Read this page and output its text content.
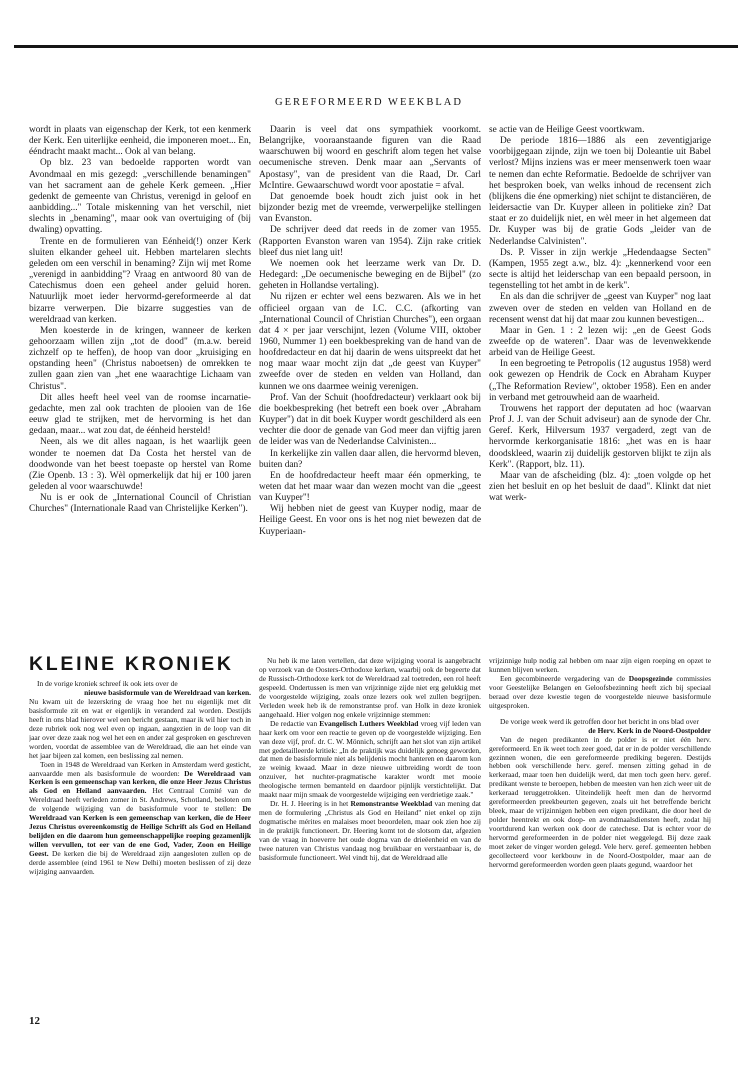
GEREFORMEERD WEEKBLAD

wordt in plaats van eigenschap der Kerk, tot een kenmerk der Kerk. Een uiterlijke eenheid, die imponeren moet... En, ééndracht maakt macht... Ook al van belang.

Op blz. 23 van bedoelde rapporten wordt van Avondmaal en mis gezegd: „verschillende benamingen" van het sacrament aan de gehele Kerk gemeen. „Hier gedenkt de gemeente van Christus, verenigd in geloof en aanbidding..." Totale miskenning van het verschil, niet slechts in „benaming", maar ook van overtuiging of (bij dwaling) opvatting.

Trente en de formulieren van Eénheid(!) onzer Kerk sluiten elkander geheel uit. Hebben martelaren slechts geleden om een verschil in benaming? Zijn wij met Rome „verenigd in aanbidding"? Vraag en antwoord 80 van de Catechismus doen een geheel ander geluid horen. Natuurlijk moet ieder hervormd-gereformeerde al dat bizarre verwerpen. Die bizarre suggesties van de wereldraad van kerken.

Men koesterde in de kringen, wanneer de kerken gehoorzaam willen zijn „tot de dood" (m.a.w. bereid zichzelf op te heffen), de hoop van door „kruisiging en opstanding heen" (Christus naboetsen) de omrekken te zullen gaan zien van „het ene waarachtige Lichaam van Christus".

Dit alles heeft heel veel van de roomse incarnatie-gedachte, men zal ook trachten de plooien van de 16e eeuw glad te strijken, met de hervorming is het dan gedaan, maar... wat zou dat, de éénheid hersteld!

Neen, als we dit alles nagaan, is het waarlijk geen wonder te noemen dat Da Costa het herstel van de doodwonde van het beest toepaste op herstel van Rome (Zie Openb. 13 : 3). Wèl opmerkelijk dat hij er 100 jaren geleden al voor waarschuwde!

Nu is er ook de „International Council of Christian Churches" (Internationale Raad van Christelijke Kerken").

Daarin is veel dat ons sympathiek voorkomt. Belangrijke, vooraanstaande figuren van die Raad waarschuwen bij woord en geschrift alom tegen het valse oecumenische streven. Denk maar aan „Servants of Apostasy", van de president van die Raad, Dr. Carl McIntire. Gewaarschuwd wordt voor apostatie = afval.

Dat genoemde boek houdt zich juist ook in het bijzonder bezig met de vreemde, verwerpelijke stellingen van Evanston.

De schrijver deed dat reeds in de zomer van 1955. (Rapporten Evanston waren van 1954). Zijn rake critiek bleef dus niet lang uit!

We noemen ook het leerzame werk van Dr. D. Hedegard: „De oecumenische beweging en de Bijbel" (zo geheten in Hollandse vertaling).

Nu rijzen er echter wel eens bezwaren. Als we in het officieel orgaan van de I.C. C.C. (afkorting van „International Council of Christian Churches"), een orgaan dat 4 × per jaar verschijnt, lezen (Volume VIII, oktober 1960, Nummer 1) een boekbespreking van de hand van de hoofdredacteur en dat hij daarin de wens uitspreekt dat het nog maar waar mocht zijn dat „de geest van Kuyper" zweefde over de steden en velden van Holland, dan kunnen we ons daarmee weinig verenigen.

Prof. Van der Schuit (hoofdredacteur) verklaart ook bij die boekbespreking (het betreft een boek over „Abraham Kuyper") dat in dit boek Kuyper wordt geschilderd als een vechter die door de genade van God meer dan vijftig jaren de leider was van de Nederlandse Calvinisten...

In kerkelijke zin vallen daar allen, die hervormd bleven, buiten dan?

En de hoofdredacteur heeft maar één opmerking, te weten dat het maar waar dan wezen mocht van die „geest van Kuyper"!

Wij hebben niet de geest van Kuyper nodig, maar de Heilige Geest. En voor ons is het nog niet bewezen dat de Kuyperiaan-

se actie van de Heilige Geest voortkwam.

De periode 1816—1886 als een zeventigjarige voorbijgegaan zijnde, zijn we toen bij Doleantie uit Babel verlost? Mijns inziens was er meer mensenwerk toen waar te nemen dan echte Reformatie. Bedoelde de schrijver van het besproken boek, van welks inhoud de recensent zich (blijkens die éne opmerking) niet schijnt te distanciëren, de leidersactie van Dr. Kuyper alleen in politieke zin? Dat staat er zo duidelijk niet, en wèl meer in het algemeen dat Dr. Kuyper was bij de gratie Gods „leider van de Nederlandse Calvinisten".

Ds. P. Visser in zijn werkje „Hedendaagse Secten" (Kampen, 1955 zegt a.w., blz. 4): „kennerkend voor een secte is altijd het leiderschap van een bepaald persoon, in tegenstelling tot het ambt in de kerk".

En als dan die schrijver de „geest van Kuyper" nog laat zweven over de steden en velden van Holland en de recensent wenst dat hij dat maar zou kunnen bevestigen...

Maar in Gen. 1 : 2 lezen wij: „en de Geest Gods zweefde op de wateren". Daar was de levenwekkende arbeid van de Heilige Geest.

In een begroeting te Petropolis (12 augustus 1958) werd ook gewezen op Hendrik de Cock en Abraham Kuyper („The Reformation Review", oktober 1958). Een en ander in verband met getrouwheid aan de waarheid.

Trouwens het rapport der deputaten ad hoc (waarvan Prof J. J. van der Schuit adviseur) aan de synode der Chr. Geref. Kerk, Hilversum 1937 vergaderd, zegt van de hervormde kerkorganisatie 1816: „het was en is haar doodskleed, waarin zij duidelijk gestorven blijkt te zijn als Kerk". (Rapport, blz. 11).

Maar van de afscheiding (blz. 4): „toen volgde op het zien het besluit en op het besluit de daad". Klinkt dat niet wat werk-

KLEINE KRONIEK

In de vorige kroniek schreef ik ook iets over de

nieuwe basisformule van de Wereldraad van kerken.

Nu kwam uit de lezerskring de vraag hoe het nu eigenlijk met dit basisformule zit en wat er eigenlijk in veranderd zal worden. Destijds heeft in ons blad hierover wel een bericht gestaan, maar ik wil hier toch in deze rubriek ook nog wel even op ingaan, aangezien in de loop van dit jaar over deze zaak nog wel het een en ander zal gesproken en geschreven worden, voordat de assemblee van de Wereldraad, die aan het einde van het jaar bijeen zal komen, een beslissing zal nemen.

Toen in 1948 de Wereldraad van Kerken in Amsterdam werd gesticht, aanvaardde men als basisformule de woorden: De Wereldraad van Kerken is een gemeenschap van kerken, die onze Heer Jezus Christus als God en Heiland aanvaarden. Het Centraal Comité van de Wereldraad heeft verleden zomer in St. Andrews, Schotland, besloten om de volgende wijziging van de basisformule voor te stellen: De Wereldraad van Kerken is een gemeenschap van kerken, die de Heer Jezus Christus overeenkomstig de Heilige Schrift als God en Heiland belijden en die daarom hun gemeenschappelijke roeping gezamenlijk willen vervullen, tot eer van de ene God, Vader, Zoon en Heilige Geest. De kerken die bij de Wereldraad zijn aangesloten zullen op de derde assemblee (eind 1961 te New Delhi) moeten beslissen of zij deze wijziging aanvaarden.

Nu heb ik me laten vertellen, dat deze wijziging vooral is aangebracht op verzoek van de Oosters-Orthodoxe kerken, waarbij ook de begeerte dat de Russisch-Orthodoxe kerk tot de Wereldraad zal toetreden, een rol heeft gespeeld. Ondertussen is men van vrijzinnige zijde niet erg gelukkig met de voorgestelde wijziging, zoals onze lezers ook wel zullen begrijpen. Verleden week heb ik de remonstrantse prof. van Holk in deze kroniek aangehaald. Hier volgen nog enkele vrijzinnige stemmen:

De redactie van Evangelisch Luthers Weekblad vroeg vijf leden van haar kerk om voor een reactie te geven op de voorgestelde wijziging. Een van deze vijf, prof. dr. C. W. Mönnich, schrijft aan het slot van zijn artikel met gedetailleerde kritiek: „In de praktijk was duidelijk genoeg geworden, dat men de basisformule niet als belijdenis mocht hanteren en daarom kon ze weinig kwaad. Maar in deze nieuwe uitbreiding wordt de toon onzuiver, het nuchter-pragmatische karakter wordt met mooie theologische termen bemanteld en daardoor pijnlijk verstichtelijkt. Dat maakt naar mijn smaak de voorgestelde wijziging een verdrietige zaak."

Dr. H. J. Heering is in het Remonstrantse Weekblad van mening dat men de formulering „Christus als God en Heiland" niet enkel op zijn dogmatische mérites en malaises moet beoordelen, maar ook zien hoe zij in de praktijk functioneert. Dr. Heering komt tot de slotsom dat, afgezien van de vraag in hoeverre het oude dogma van de drieëenheid en van de twee naturen van Christus vandaag nog bruikbaar en verstaanbaar is, de basisformule functioneert. Wel vindt hij, dat de Wereldraad alle

vrijzinnige hulp nodig zal hebben om naar zijn eigen roeping en opzet te kunnen blijven werken.

Een gecombineerde vergadering van de Doopsgezinde commissies voor Geestelijke Belangen en Geloofsbezinning heeft zich bij speciaal beraad over deze kwestie tegen de voorgestelde nieuwe basisformule uitgesproken.

De vorige week werd ik getroffen door het bericht in ons blad over

de Herv. Kerk in de Noord-Oostpolder

Van de negen predikanten in de polder is er niet één herv. gereformeerd. En ik weet toch zeer goed, dat er in de polder verschillende gezinnen wonen, die een gereformeerde prediking begeren. Destijds hebben ook verschillende herv. geref. mensen zitting gehad in de kerkeraad, maar toen hen duidelijk werd, dat men toch geen herv. geref. predikant wenste te beroepen, hebben de meesten van hen zich weer uit de kerkeraad teruggetrokken. Uiteindelijk heeft men dan de hervormd gereformeerden preekbeurten gegeven, zoals uit het betreffende bericht bleek, maar de vrijzinnigen hebben een eigen predikant, die door heel de polder heentrekt en ook doop- en avondmaalsdiensten heeft, zodat hij voortdurend kan werken ook door de catechese. Dat is echter voor de hervormd gereformeerden in de polder niet weggelegd. Bij deze zaak moet zeker de vinger worden gelegd. Vele herv. geref. gemeenten hebben gecollecteerd voor kerkbouw in de Noord-Oostpolder, maar aan de hervormd gereformeerden worden geen plaats gegund, waardoor het

12
